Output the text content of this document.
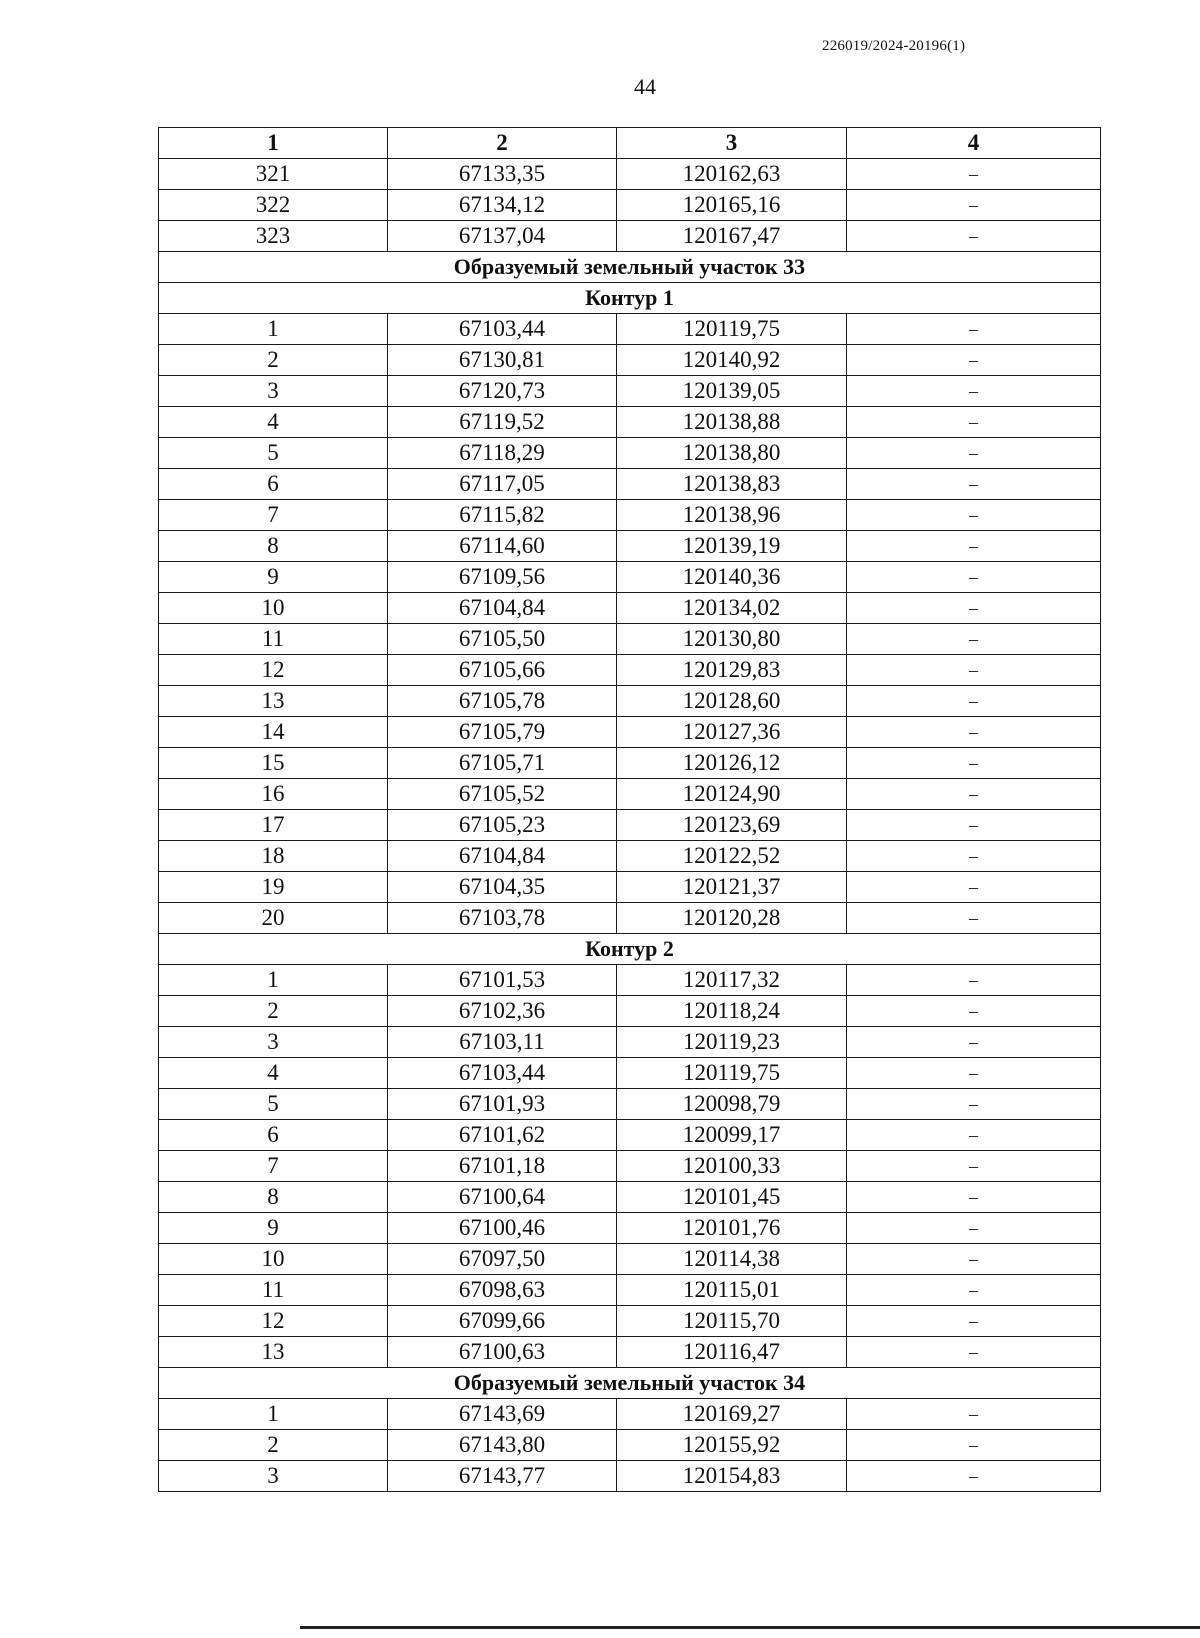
226019/2024-20196(1)
44
1	2	3	4
321	67133,35	120162,63	–
322	67134,12	120165,16	–
323	67137,04	120167,47	–
Образуемый земельный участок 33			
Контур 1			
1	67103,44	120119,75	–
2	67130,81	120140,92	–
3	67120,73	120139,05	–
4	67119,52	120138,88	–
5	67118,29	120138,80	–
6	67117,05	120138,83	–
7	67115,82	120138,96	–
8	67114,60	120139,19	–
9	67109,56	120140,36	–
10	67104,84	120134,02	–
11	67105,50	120130,80	–
12	67105,66	120129,83	–
13	67105,78	120128,60	–
14	67105,79	120127,36	–
15	67105,71	120126,12	–
16	67105,52	120124,90	–
17	67105,23	120123,69	–
18	67104,84	120122,52	–
19	67104,35	120121,37	–
20	67103,78	120120,28	–
Контур 2			
1	67101,53	120117,32	–
2	67102,36	120118,24	–
3	67103,11	120119,23	–
4	67103,44	120119,75	–
5	67101,93	120098,79	–
6	67101,62	120099,17	–
7	67101,18	120100,33	–
8	67100,64	120101,45	–
9	67100,46	120101,76	–
10	67097,50	120114,38	–
11	67098,63	120115,01	–
12	67099,66	120115,70	–
13	67100,63	120116,47	–
Образуемый земельный участок 34			
1	67143,69	120169,27	–
2	67143,80	120155,92	–
3	67143,77	120154,83	–
